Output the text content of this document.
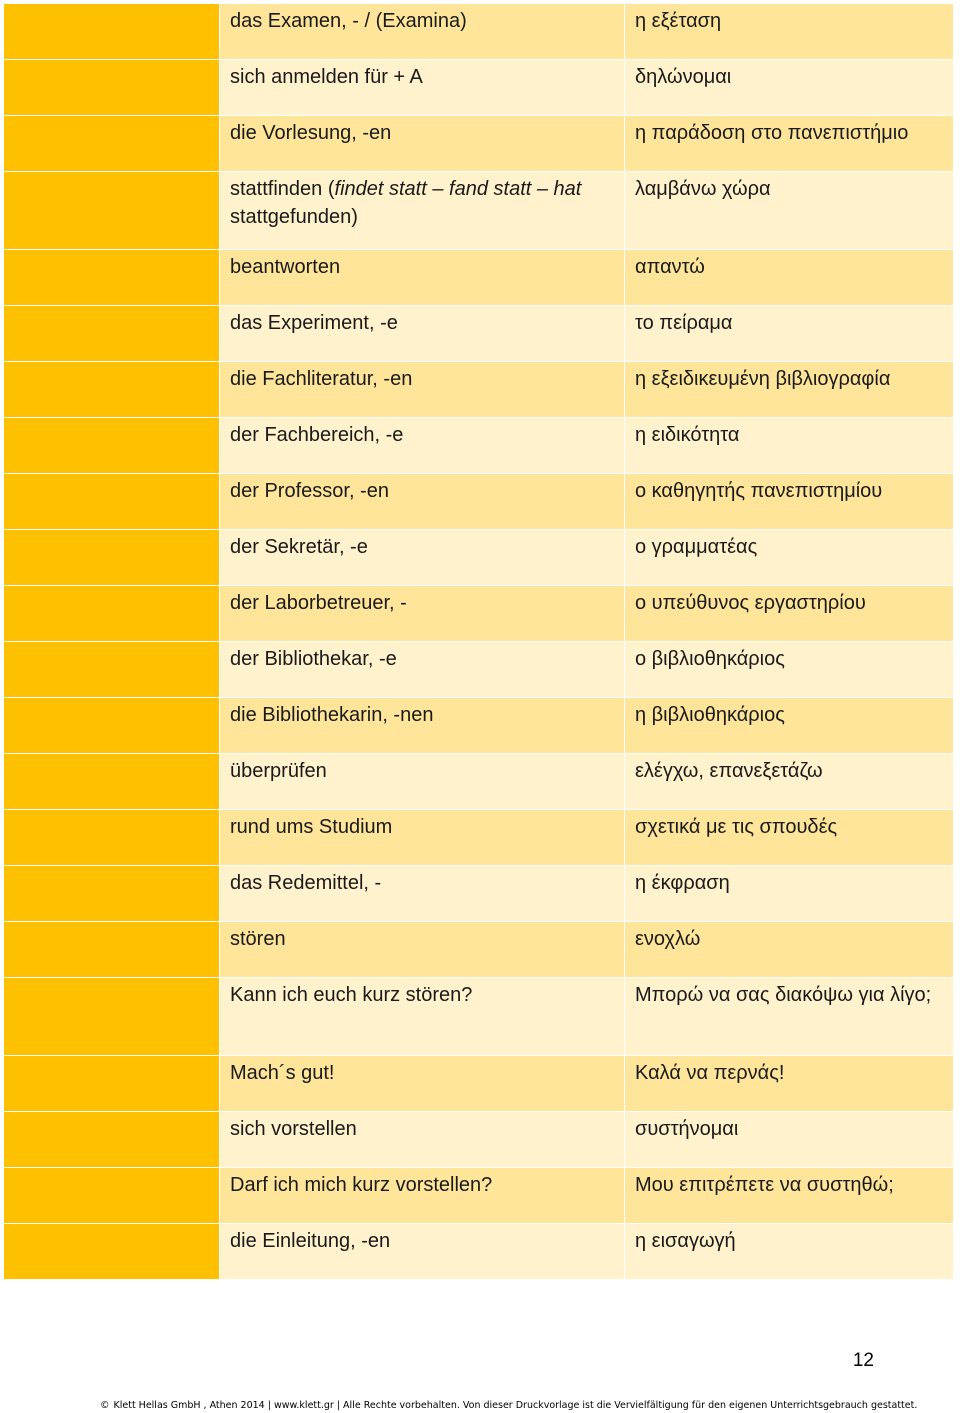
	das Examen, - / (Examina)	η εξέταση
	sich anmelden für + A	δηλώνομαι
	die Vorlesung, -en	η παράδοση στο πανεπιστήμιο
	stattfinden (findet statt – fand statt – hat stattgefunden)	λαμβάνω χώρα
	beantworten	απαντώ
	das Experiment, -e	το πείραμα
	die Fachliteratur, -en	η εξειδικευμένη βιβλιογραφία
	der Fachbereich, -e	η ειδικότητα
	der Professor, -en	ο καθηγητής πανεπιστημίου
	der Sekretär, -e	ο γραμματέας
	der Laborbetreuer, -	ο υπεύθυνος εργαστηρίου
	der Bibliothekar, -e	ο βιβλιοθηκάριος
	die Bibliothekarin, -nen	η βιβλιοθηκάριος
	überprüfen	ελέγχω, επανεξετάζω
	rund ums Studium	σχετικά με τις σπουδές
	das Redemittel, -	η έκφραση
	stören	ενοχλώ
	Kann ich euch kurz stören?	Μπορώ να σας διακόψω για λίγο;
	Mach´s gut!	Καλά να περνάς!
	sich vorstellen	συστήνομαι
	Darf ich mich kurz vorstellen?	Μου επιτρέπετε να συστηθώ;
	die Einleitung, -en	η εισαγωγή
12
© Klett Hellas GmbH , Athen 2014 | www.klett.gr | Alle Rechte vorbehalten. Von dieser Druckvorlage ist die Vervielfältigung für den eigenen Unterrichtsgebrauch gestattet.
